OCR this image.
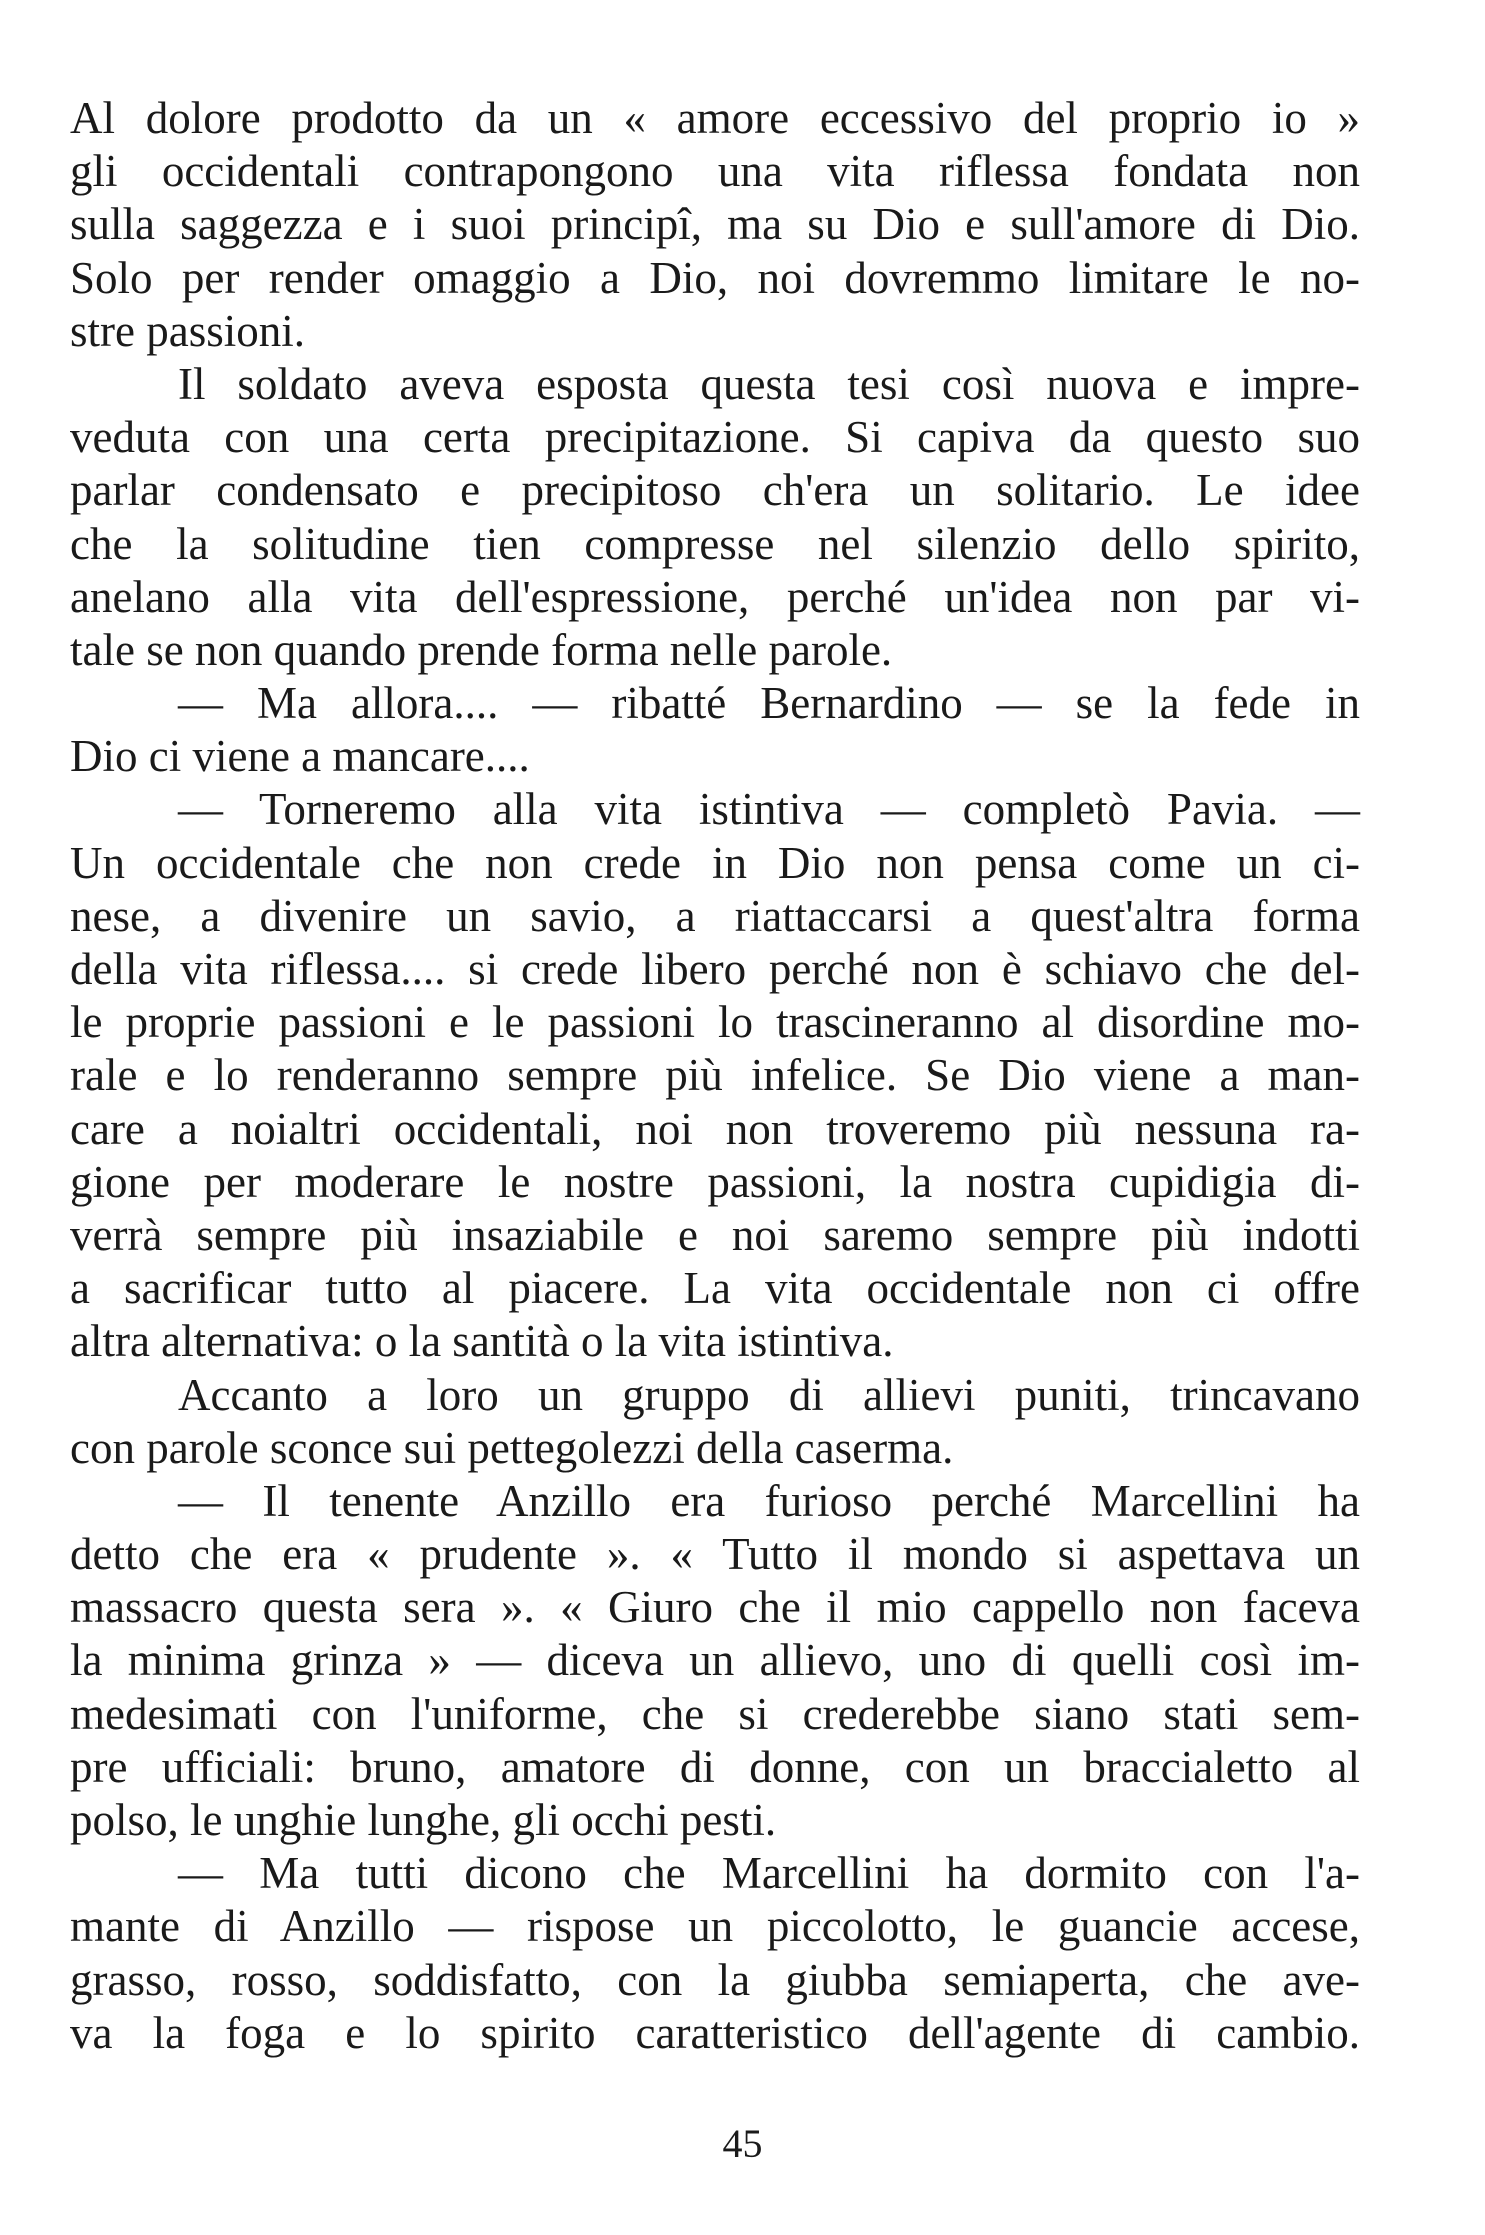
Al dolore prodotto da un « amore eccessivo del proprio io »
gli occidentali contrapongono una vita riflessa fondata non
sulla saggezza e i suoi principî, ma su Dio e sull'amore di Dio.
Solo per render omaggio a Dio, noi dovremmo limitare le no-
stre passioni.
Il soldato aveva esposta questa tesi così nuova e impre-
veduta con una certa precipitazione. Si capiva da questo suo
parlar condensato e precipitoso ch'era un solitario. Le idee
che la solitudine tien compresse nel silenzio dello spirito,
anelano alla vita dell'espressione, perché un'idea non par vi-
tale se non quando prende forma nelle parole.
— Ma allora.... — ribatté Bernardino — se la fede in
Dio ci viene a mancare....
— Torneremo alla vita istintiva — completò Pavia. —
Un occidentale che non crede in Dio non pensa come un ci-
nese, a divenire un savio, a riattaccarsi a quest'altra forma
della vita riflessa.... si crede libero perché non è schiavo che del-
le proprie passioni e le passioni lo trascineranno al disordine mo-
rale e lo renderanno sempre più infelice. Se Dio viene a man-
care a noialtri occidentali, noi non troveremo più nessuna ra-
gione per moderare le nostre passioni, la nostra cupidigia di-
verrà sempre più insaziabile e noi saremo sempre più indotti
a sacrificar tutto al piacere. La vita occidentale non ci offre
altra alternativa: o la santità o la vita istintiva.
Accanto a loro un gruppo di allievi puniti, trincavano
con parole sconce sui pettegolezzi della caserma.
— Il tenente Anzillo era furioso perché Marcellini ha
detto che era « prudente ». « Tutto il mondo si aspettava un
massacro questa sera ». « Giuro che il mio cappello non faceva
la minima grinza » — diceva un allievo, uno di quelli così im-
medesimati con l'uniforme, che si crederebbe siano stati sem-
pre ufficiali: bruno, amatore di donne, con un braccialetto al
polso, le unghie lunghe, gli occhi pesti.
— Ma tutti dicono che Marcellini ha dormito con l'a-
mante di Anzillo — rispose un piccolotto, le guancie accese,
grasso, rosso, soddisfatto, con la giubba semiaperta, che ave-
va la foga e lo spirito caratteristico dell'agente di cambio.
45
